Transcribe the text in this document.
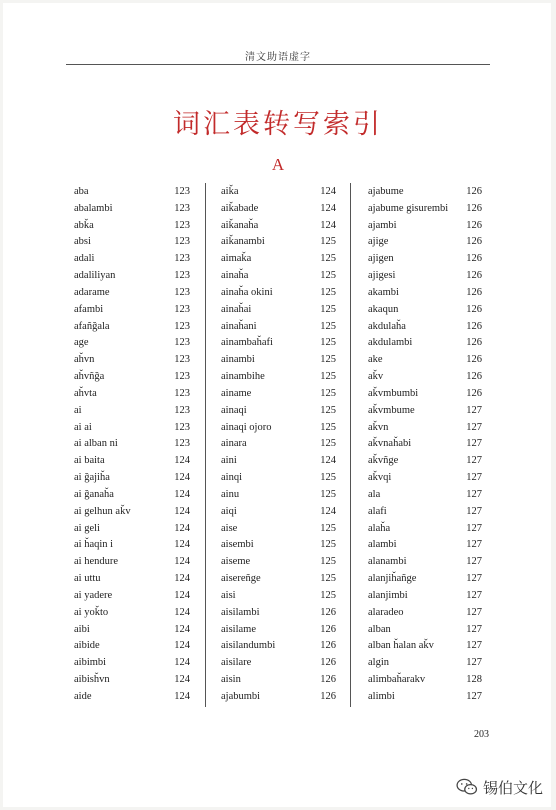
清文助语虚字
词汇表转写索引
A
aba	123
abalambi	123
abǩa	123
absi	123
adali	123
adaliliyan	123
adarame	123
afambi	123
afañğala	123
age	123
aȟvn	123
aȟvñğa	123
aȟvta	123
ai	123
ai ai	123
ai alban ni	123
ai baita	124
ai ğajiȟa	124
ai ğanaȟa	124
ai gelhun aǩv	124
ai geli	124
ai ȟaqin i	124
ai hendure	124
ai uttu	124
ai yadere	124
ai yoǩto	124
aibi	124
aibide	124
aibimbi	124
aibisȟvn	124
aide	124
aiǩa	124
aiǩabade	124
aiǩanaȟa	124
aiǩanambi	125
aimaǩa	125
ainaȟa	125
ainaȟa okini	125
ainaȟai	125
ainaȟani	125
ainambaȟafi	125
ainambi	125
ainambihe	125
ainame	125
ainaqi	125
ainaqi ojoro	125
ainara	125
aini	124
ainqi	125
ainu	125
aiqi	124
aise	125
aisembi	125
aiseme	125
aisereñge	125
aisi	125
aisilambi	126
aisilame	126
aisilandumbi	126
aisilare	126
aisin	126
ajabumbi	126
ajabume	126
ajabume gisurembi 126
ajambi	126
ajige	126
ajigen	126
ajigesi	126
akambi	126
akaqun	126
akdulaȟa	126
akdulambi	126
ake	126
aǩv	126
aǩvmbumbi	126
aǩvmbume	127
aǩvn	127
aǩvnaȟabi	127
aǩvñge	127
aǩvqi	127
ala	127
alafi	127
alaȟa	127
alambi	127
alanambi	127
alanjiȟañge	127
alanjimbi	127
alaradeo	127
alban	127
alban ȟalan aǩv	127
algin	127
alimbaȟarakv	128
alimbi	127
203
锡伯文化
